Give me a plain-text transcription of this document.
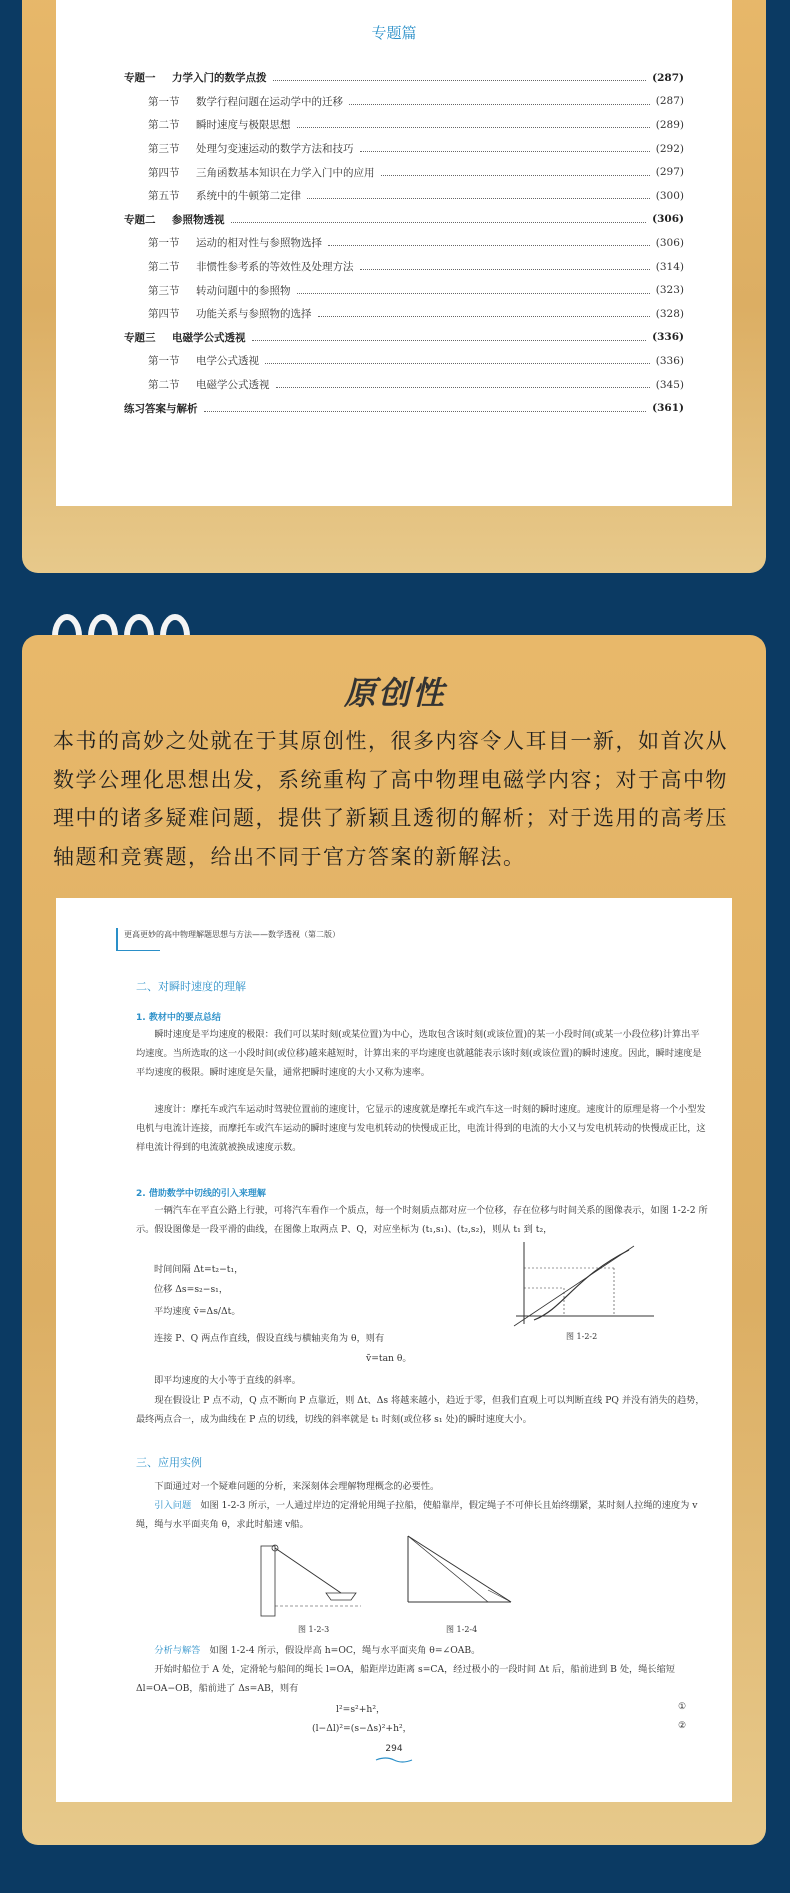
专题篇
专题一	力学入门的数学点拨	(287)
第一节	数学行程问题在运动学中的迁移	(287)
第二节	瞬时速度与极限思想	(289)
第三节	处理匀变速运动的数学方法和技巧	(292)
第四节	三角函数基本知识在力学入门中的应用	(297)
第五节	系统中的牛顿第二定律	(300)
专题二	参照物透视	(306)
第一节	运动的相对性与参照物选择	(306)
第二节	非惯性参考系的等效性及处理方法	(314)
第三节	转动问题中的参照物	(323)
第四节	功能关系与参照物的选择	(328)
专题三	电磁学公式透视	(336)
第一节	电学公式透视	(336)
第二节	电磁学公式透视	(345)
练习答案与解析	(361)
原创性
本书的高妙之处就在于其原创性，很多内容令人耳目一新，如首次从数学公理化思想出发，系统重构了高中物理电磁学内容；对于高中物理中的诸多疑难问题，提供了新颖且透彻的解析；对于选用的高考压轴题和竞赛题，给出不同于官方答案的新解法。
更高更妙的高中物理解题思想与方法——数学透视（第二版）
二、对瞬时速度的理解
1. 教材中的要点总结
瞬时速度是平均速度的极限：我们可以某时刻(或某位置)为中心，选取包含该时刻(或该位置)的某一小段时间(或某一小段位移)计算出平均速度。当所选取的这一小段时间(或位移)越来越短时，计算出来的平均速度也就越能表示该时刻(或该位置)的瞬时速度。因此，瞬时速度是平均速度的极限。瞬时速度是矢量，通常把瞬时速度的大小又称为速率。
速度计：摩托车或汽车运动时驾驶位置前的速度计，它显示的速度就是摩托车或汽车这一时刻的瞬时速度。速度计的原理是将一个小型发电机与电流计连接，而摩托车或汽车运动的瞬时速度与发电机转动的快慢成正比，电流计得到的电流的大小又与发电机转动的快慢成正比，这样电流计得到的电流就被换成速度示数。
2. 借助数学中切线的引入来理解
一辆汽车在平直公路上行驶，可将汽车看作一个质点，每一个时刻质点都对应一个位移，存在位移与时间关系的图像表示，如图 1-2-2 所示。假设图像是一段平滑的曲线，在图像上取两点 P、Q，对应坐标为 (t₁,s₁)、(t₂,s₂)，则从 t₁ 到 t₂，
时间间隔 Δt=t₂−t₁，
位移 Δs=s₂−s₁，
平均速度 v̄=Δs/Δt。
连接 P、Q 两点作直线，假设直线与横轴夹角为 θ，则有
v̄=tan θ。
即平均速度的大小等于直线的斜率。
图 1-2-2
现在假设让 P 点不动，Q 点不断向 P 点靠近，则 Δt、Δs 将越来越小，趋近于零，但我们直观上可以判断直线 PQ 并没有消失的趋势，最终两点合一，成为曲线在 P 点的切线，切线的斜率就是 t₁ 时刻(或位移 s₁ 处)的瞬时速度大小。
三、应用实例
下面通过对一个疑难问题的分析，来深刻体会理解物理概念的必要性。
引入问题　 如图 1-2-3 所示，一人通过岸边的定滑轮用绳子拉船，使船靠岸，假定绳子不可伸长且始终绷紧，某时刻人拉绳的速度为 v绳，绳与水平面夹角 θ，求此时船速 v船。
图 1-2-3	图 1-2-4
分析与解答　 如图 1-2-4 所示，假设岸高 h=OC，绳与水平面夹角 θ=∠OAB。
开始时船位于 A 处，定滑轮与船间的绳长 l=OA，船距岸边距离 s=CA，经过极小的一段时间 Δt 后，船前进到 B 处，绳长缩短 Δl=OA−OB，船前进了 Δs=AB，则有
l²=s²+h²，	①
(l−Δl)²=(s−Δs)²+h²，	②
294
